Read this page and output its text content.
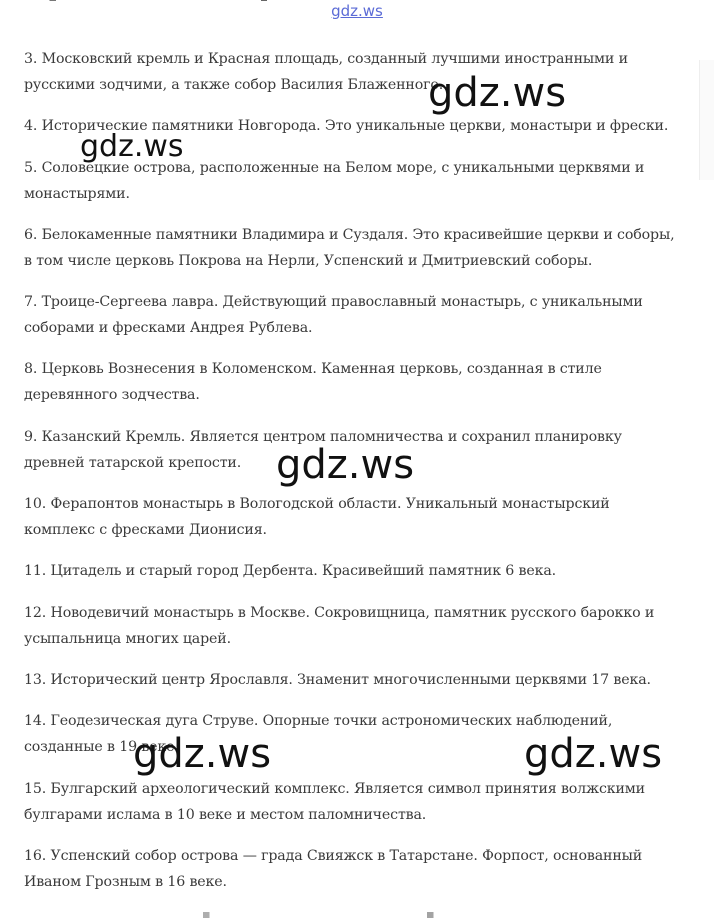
gdz.ws

3. Московский кремль и Красная площадь, созданный лучшими иностранными и русскими зодчими, а также собор Василия Блаженного.

4. Исторические памятники Новгорода. Это уникальные церкви, монастыри и фрески.

5. Соловецкие острова, расположенные на Белом море, с уникальными церквями и монастырями.

6. Белокаменные памятники Владимира и Суздаля. Это красивейшие церкви и соборы, в том числе церковь Покрова на Нерли, Успенский и Дмитриевский соборы.

7. Троице-Сергеева лавра. Действующий православный монастырь, с уникальными соборами и фресками Андрея Рублева.

8. Церковь Вознесения в Коломенском. Каменная церковь, созданная в стиле деревянного зодчества.

9. Казанский Кремль. Является центром паломничества и сохранил планировку древней татарской крепости.

10. Ферапонтов монастырь в Вологодской области. Уникальный монастырский комплекс с фресками Дионисия.

11. Цитадель и старый город Дербента. Красивейший памятник 6 века.

12. Новодевичий монастырь в Москве. Сокровищница, памятник русского барокко и усыпальница многих царей.

13. Исторический центр Ярославля. Знаменит многочисленными церквями 17 века.

14. Геодезическая дуга Струве. Опорные точки астрономических наблюдений, созданные в 19 веке.

15. Булгарский археологический комплекс. Является символ принятия волжскими булгарами ислама в 10 веке и местом паломничества.

16. Успенский собор острова — града Свияжск в Татарстане. Форпост, основанный Иваном Грозным в 16 веке.

gdz.ws
gdz.ws
gdz.ws
gdz.ws	gdz.ws
